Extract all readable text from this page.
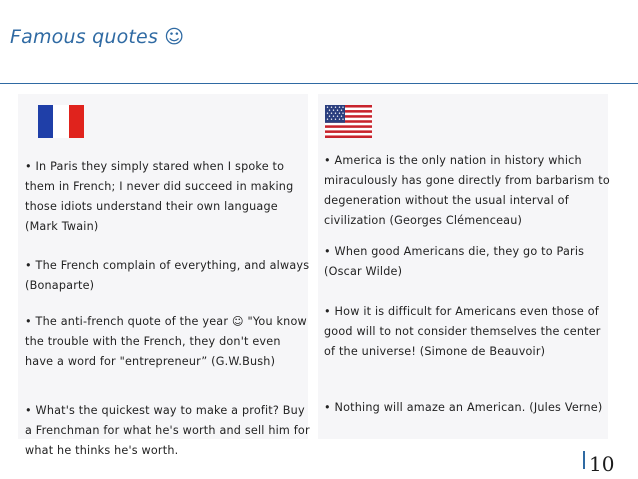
Famous quotes ☺
• In Paris they simply stared when I spoke to them in French; I never did succeed in making those idiots understand their own language (Mark Twain)
• The French complain of everything, and always (Bonaparte)
• The anti-french quote of the year ☺ "You know the trouble with the French, they don't even have a word for "entrepreneur” (G.W.Bush)
• What's the quickest way to make a profit? Buy a Frenchman for what he's worth and sell him for what he thinks he's worth.
• America is the only nation in history which miraculously has gone directly from barbarism to degeneration without the usual interval of civilization (Georges Clémenceau)
• When good Americans die, they go to Paris (Oscar Wilde)
• How it is difficult for Americans even those of good will to not consider themselves the center of the universe! (Simone de Beauvoir)
• Nothing will amaze an American. (Jules Verne)
10
